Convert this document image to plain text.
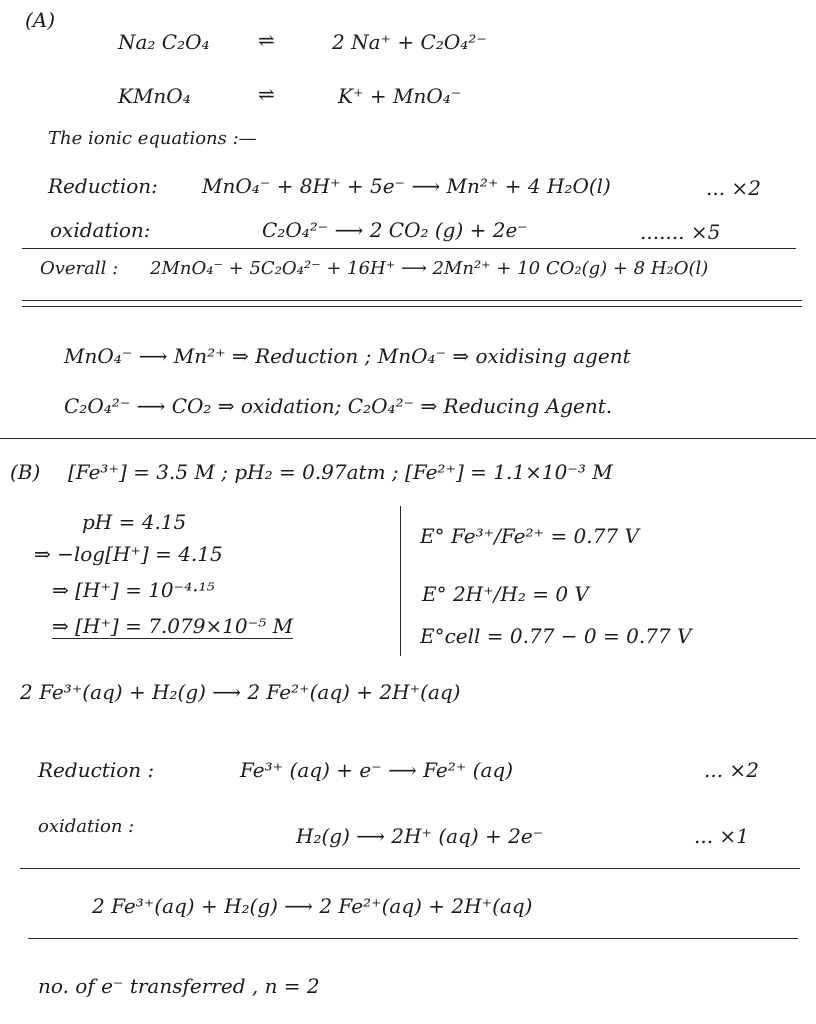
(A)
Na₂ C₂O₄ ⇌	2 Na⁺ + C₂O₄²⁻
KMnO₄	⇌	K⁺ + MnO₄⁻
The ionic equations :—
Reduction: MnO₄⁻ + 8H⁺ + 5e⁻ ⟶ Mn²⁺ + 4 H₂O(l)	... ×2
oxidation:	C₂O₄²⁻ ⟶ 2 CO₂ (g) + 2e⁻	....... ×5
Overall : 2MnO₄⁻ + 5C₂O₄²⁻ + 16H⁺ ⟶ 2Mn²⁺ + 10 CO₂(g) + 8 H₂O(l)
MnO₄⁻ ⟶ Mn²⁺ ⇒ Reduction ; MnO₄⁻ ⇒ oxidising agent
C₂O₄²⁻ ⟶ CO₂ ⇒ oxidation; C₂O₄²⁻ ⇒ Reducing Agent.
(B) [Fe³⁺] = 3.5 M ; pH₂ = 0.97atm ; [Fe²⁺] = 1.1×10⁻³ M
pH = 4.15
⇒ −log[H⁺] = 4.15
⇒ [H⁺] = 10⁻⁴·¹⁵
⇒ [H⁺] = 7.079×10⁻⁵ M
E° Fe³⁺/Fe²⁺ = 0.77 V
E° 2H⁺/H₂ = 0 V
E°cell = 0.77 − 0 = 0.77 V
2 Fe³⁺(aq) + H₂(g) ⟶ 2 Fe²⁺(aq) + 2H⁺(aq)
Reduction :	Fe³⁺ (aq) + e⁻ ⟶ Fe²⁺ (aq)	... ×2
oxidation :	H₂(g) ⟶ 2H⁺ (aq) + 2e⁻	... ×1
2 Fe³⁺(aq) + H₂(g) ⟶ 2 Fe²⁺(aq) + 2H⁺(aq)
no. of e⁻ transferred , n = 2
